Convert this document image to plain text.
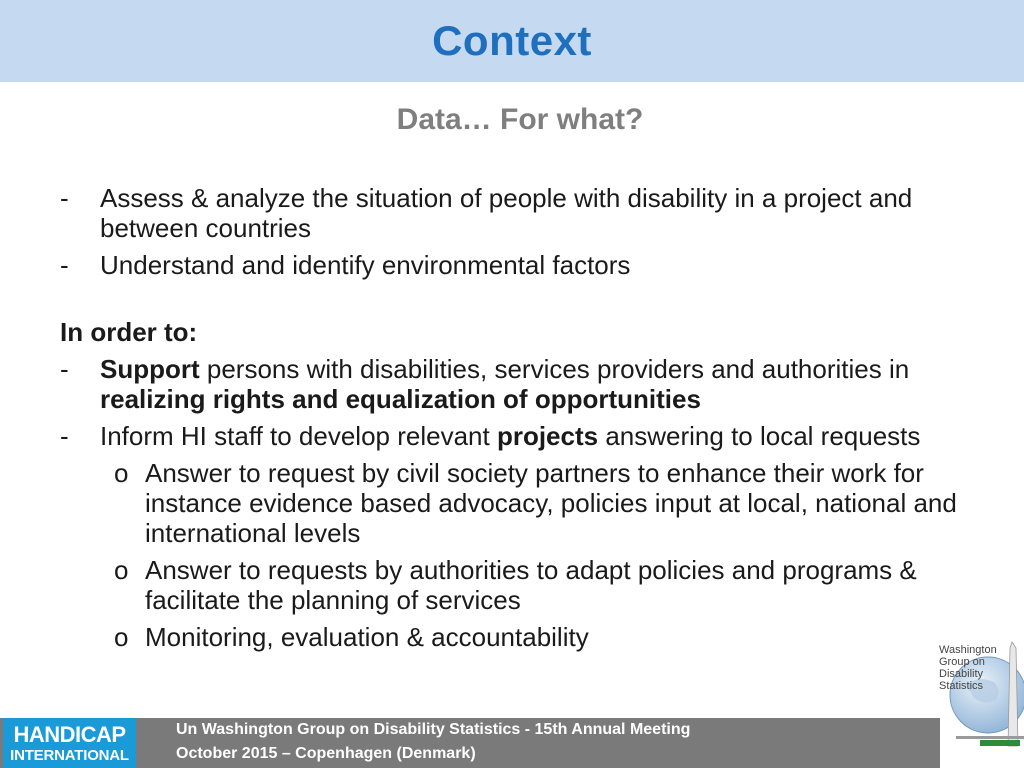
Context
Data… For what?
- Assess & analyze the situation of people with disability in a project and between countries
- Understand and identify environmental factors
In order to:
- Support persons with disabilities, services providers and authorities in realizing rights and equalization of opportunities
- Inform HI staff to develop relevant projects answering to local requests
o Answer to request by civil society partners to enhance their work for instance evidence based advocacy, policies input at local, national and international levels
o Answer to requests by authorities to adapt policies and programs & facilitate the planning of services
o Monitoring, evaluation & accountability
HANDICAP
INTERNATIONAL
Un Washington Group on Disability Statistics - 15th Annual Meeting
October 2015 – Copenhagen (Denmark)
Washington
Group on
Disability
Statistics
